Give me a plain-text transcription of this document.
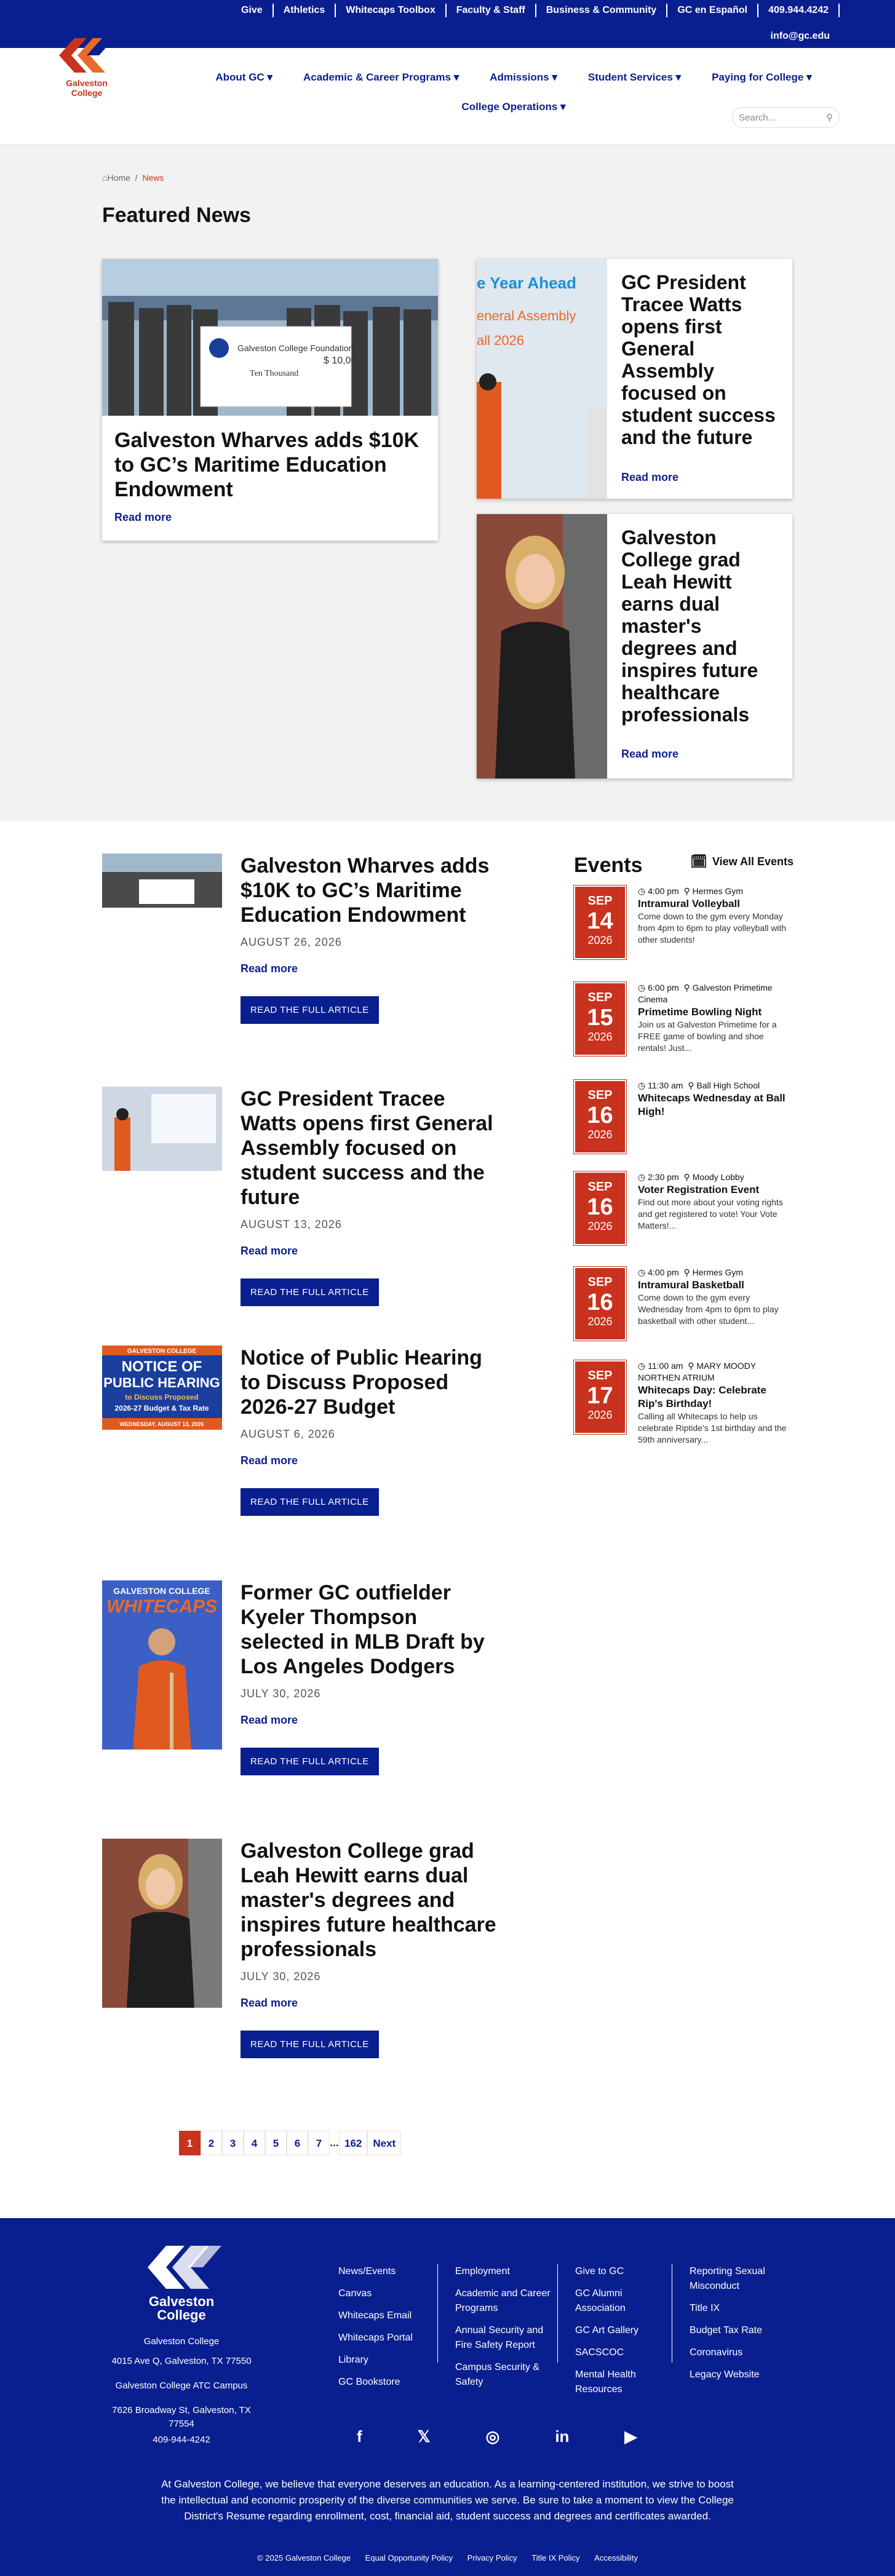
Give	Athletics	Whitecaps Toolbox	Faculty & Staff	Business & Community	GC en Español	409.944.4242
info@gc.edu
Galveston
College
About GC ▾	Academic & Career Programs ▾	Admissions ▾	Student Services ▾	Paying for College ▾
College Operations ▾
Search...	⚲
⌂Home / News
Featured News
Galveston College Foundation
$ 10,000
Ten Thousand
Galveston Wharves adds $10K to GC’s Maritime Education Endowment
Read more
e Year Ahead
eneral Assembly
all 2026
GC President Tracee Watts opens first General Assembly focused on student success and the future
Read more
Galveston College grad Leah Hewitt earns dual master's degrees and inspires future healthcare professionals
Read more
Galveston Wharves adds $10K to GC’s Maritime Education Endowment
AUGUST 26, 2026
Read more
READ THE FULL ARTICLE
GC President Tracee Watts opens first General Assembly focused on student success and the future
AUGUST 13, 2026
Read more
READ THE FULL ARTICLE
GALVESTON COLLEGE
NOTICE OF
PUBLIC HEARING
to Discuss Proposed
2026-27 Budget & Tax Rate
WEDNESDAY, AUGUST 13, 2026
Notice of Public Hearing to Discuss Proposed 2026-27 Budget
AUGUST 6, 2026
Read more
READ THE FULL ARTICLE
GALVESTON COLLEGE
WHITECAPS
Former GC outfielder Kyeler Thompson selected in MLB Draft by Los Angeles Dodgers
JULY 30, 2026
Read more
READ THE FULL ARTICLE
Galveston College grad Leah Hewitt earns dual master's degrees and inspires future healthcare professionals
JULY 30, 2026
Read more
READ THE FULL ARTICLE
Events	🗓 View All Events
SEP
14
2026
◷ 4:00 pm ⚲ Hermes Gym
Intramural Volleyball
Come down to the gym every Monday from 4pm to 6pm to play volleyball with other students!
SEP
15
2026
◷ 6:00 pm ⚲ Galveston Primetime Cinema
Primetime Bowling Night
Join us at Galveston Primetime for a FREE game of bowling and shoe rentals! Just...
SEP
16
2026
◷ 11:30 am ⚲ Ball High School
Whitecaps Wednesday at Ball High!
SEP
16
2026
◷ 2:30 pm ⚲ Moody Lobby
Voter Registration Event
Find out more about your voting rights and get registered to vote! Your Vote Matters!...
SEP
16
2026
◷ 4:00 pm ⚲ Hermes Gym
Intramural Basketball
Come down to the gym every Wednesday from 4pm to 6pm to play basketball with other student...
SEP
17
2026
◷ 11:00 am ⚲ MARY MOODY NORTHEN ATRIUM
Whitecaps Day: Celebrate Rip's Birthday!
Calling all Whitecaps to help us celebrate Riptide's 1st birthday and the 59th anniversary...
1	2	3	4	5	6	7 ... 162	Next
Galveston
College
Galveston College
4015 Ave Q, Galveston, TX 77550
Galveston College ATC Campus
7626 Broadway St, Galveston, TX 77554
409-944-4242
News/Events
Canvas
Whitecaps Email
Whitecaps Portal
Library
GC Bookstore
Employment
Academic and Career Programs
Annual Security and Fire Safety Report
Campus Security & Safety
Give to GC
GC Alumni Association
GC Art Gallery
SACSCOC
Mental Health Resources
Reporting Sexual Misconduct
Title IX
Budget Tax Rate
Coronavirus
Legacy Website
f	𝕏	◎	in	▶
At Galveston College, we believe that everyone deserves an education. As a learning-centered institution, we strive to boost the intellectual and economic prosperity of the diverse communities we serve. Be sure to take a moment to view the College District's Resume regarding enrollment, cost, financial aid, student success and degrees and certificates awarded.
© 2025 Galveston College Equal Opportunity Policy Privacy Policy Title IX Policy Accessibility
